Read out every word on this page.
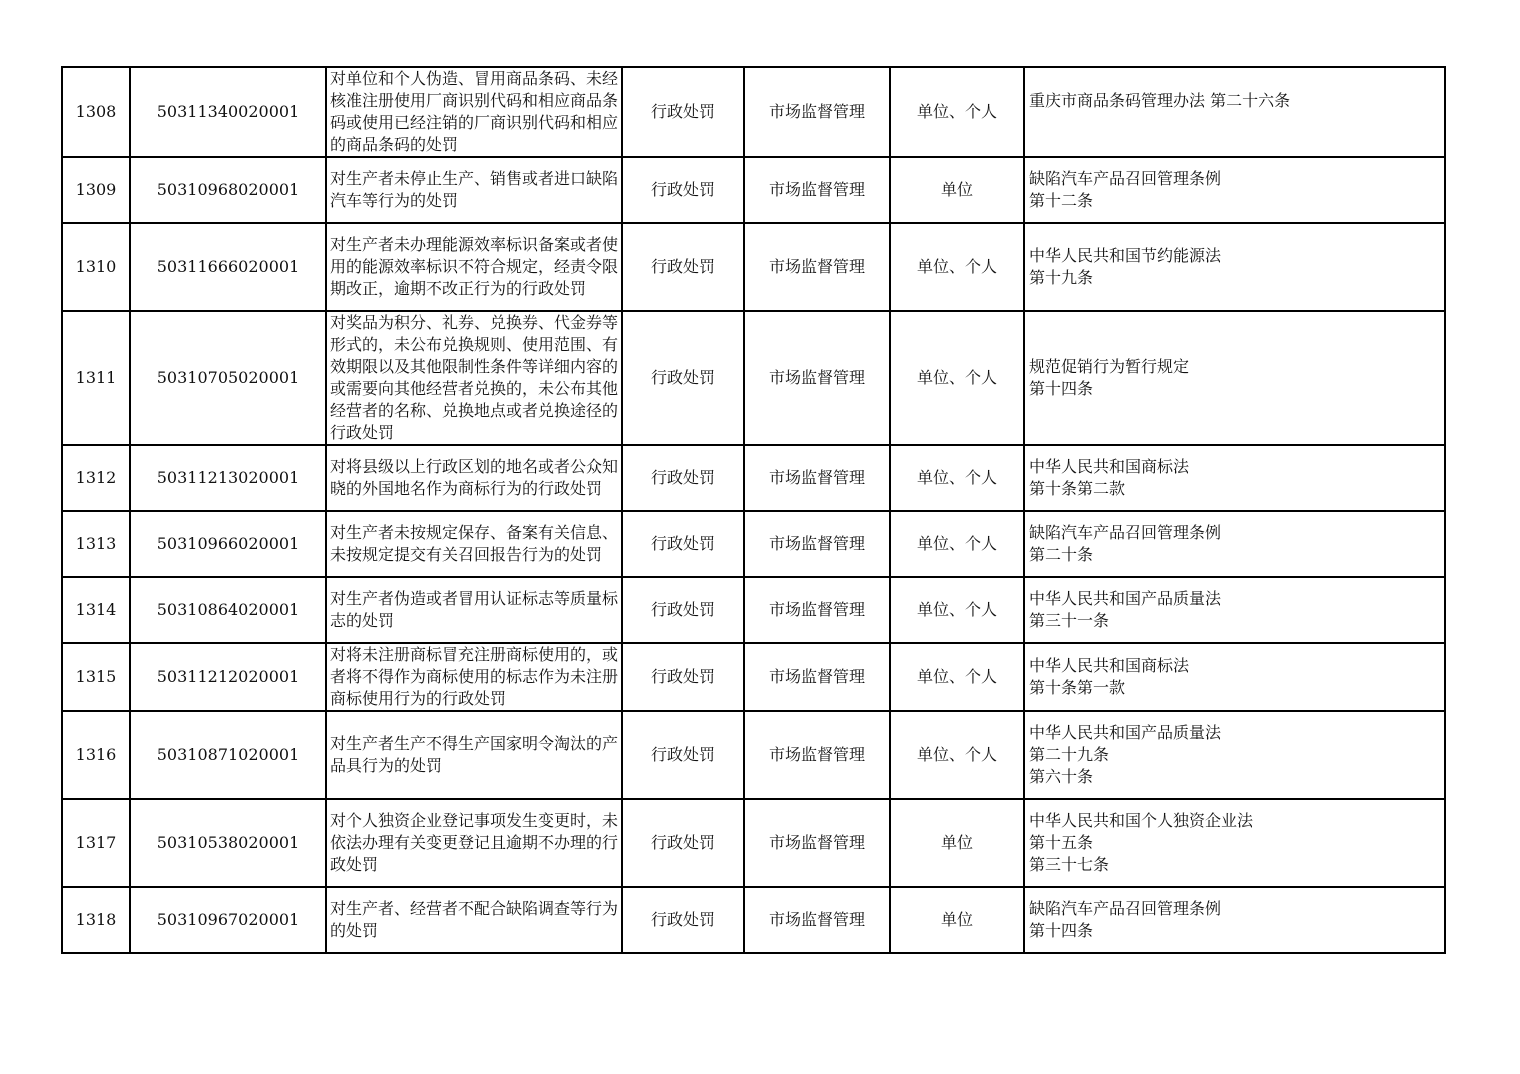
1308	50311340020001	对单位和个人伪造、冒用商品条码、未经核准注册使用厂商识别代码和相应商品条码或使用已经注销的厂商识别代码和相应的商品条码的处罚	行政处罚	市场监督管理	单位、个人	重庆市商品条码管理办法 第二十六条

1309	50310968020001	对生产者未停止生产、销售或者进口缺陷汽车等行为的处罚	行政处罚	市场监督管理	单位	缺陷汽车产品召回管理条例
第十二条

1310	50311666020001	对生产者未办理能源效率标识备案或者使用的能源效率标识不符合规定，经责令限期改正，逾期不改正行为的行政处罚	行政处罚	市场监督管理	单位、个人	中华人民共和国节约能源法
第十九条

1311	50310705020001	对奖品为积分、礼券、兑换券、代金券等形式的，未公布兑换规则、使用范围、有效期限以及其他限制性条件等详细内容的或需要向其他经营者兑换的，未公布其他经营者的名称、兑换地点或者兑换途径的行政处罚	行政处罚	市场监督管理	单位、个人	规范促销行为暂行规定
第十四条

1312	50311213020001	对将县级以上行政区划的地名或者公众知晓的外国地名作为商标行为的行政处罚	行政处罚	市场监督管理	单位、个人	中华人民共和国商标法
第十条第二款

1313	50310966020001	对生产者未按规定保存、备案有关信息、未按规定提交有关召回报告行为的处罚	行政处罚	市场监督管理	单位、个人	缺陷汽车产品召回管理条例
第二十条

1314	50310864020001	对生产者伪造或者冒用认证标志等质量标志的处罚	行政处罚	市场监督管理	单位、个人	中华人民共和国产品质量法
第三十一条

1315	50311212020001	对将未注册商标冒充注册商标使用的，或者将不得作为商标使用的标志作为未注册商标使用行为的行政处罚	行政处罚	市场监督管理	单位、个人	中华人民共和国商标法
第十条第一款

1316	50310871020001	对生产者生产不得生产国家明令淘汰的产品具行为的处罚	行政处罚	市场监督管理	单位、个人	中华人民共和国产品质量法
第二十九条
第六十条

1317	50310538020001	对个人独资企业登记事项发生变更时，未依法办理有关变更登记且逾期不办理的行政处罚	行政处罚	市场监督管理	单位	中华人民共和国个人独资企业法
第十五条
第三十七条

1318	50310967020001	对生产者、经营者不配合缺陷调查等行为的处罚	行政处罚	市场监督管理	单位	缺陷汽车产品召回管理条例
第十四条
